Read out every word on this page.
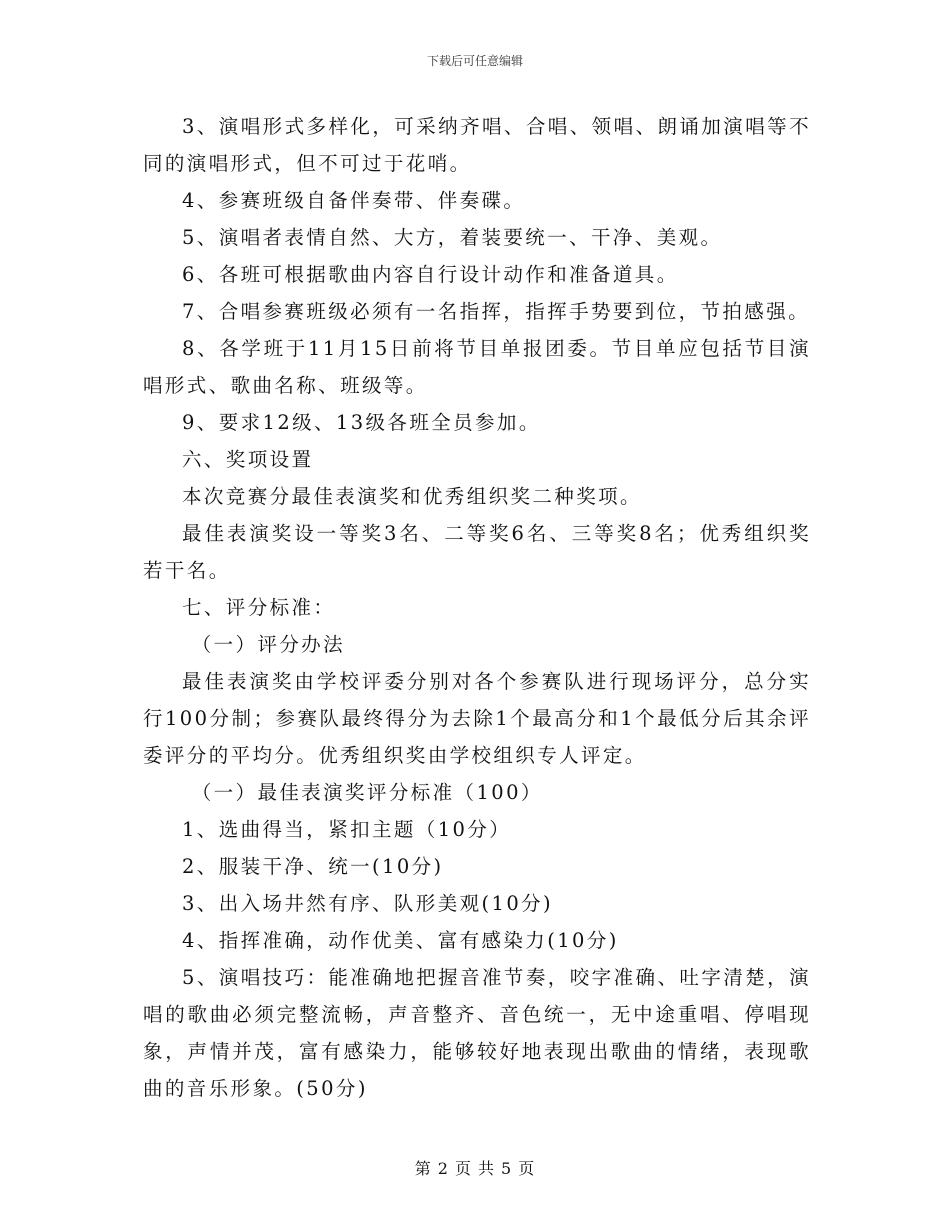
下载后可任意编辑

3、演唱形式多样化，可采纳齐唱、合唱、领唱、朗诵加演唱等不同的演唱形式，但不可过于花哨。

4、参赛班级自备伴奏带、伴奏碟。

5、演唱者表情自然、大方，着装要统一、干净、美观。

6、各班可根据歌曲内容自行设计动作和准备道具。

7、合唱参赛班级必须有一名指挥，指挥手势要到位，节拍感强。

8、各学班于11月15日前将节目单报团委。节目单应包括节目演唱形式、歌曲名称、班级等。

9、要求12级、13级各班全员参加。

六、奖项设置

本次竞赛分最佳表演奖和优秀组织奖二种奖项。

最佳表演奖设一等奖3名、二等奖6名、三等奖8名；优秀组织奖若干名。

七、评分标准：

（一）评分办法

最佳表演奖由学校评委分别对各个参赛队进行现场评分，总分实行100分制；参赛队最终得分为去除1个最高分和1个最低分后其余评委评分的平均分。优秀组织奖由学校组织专人评定。

（一）最佳表演奖评分标准（100）

1、选曲得当，紧扣主题（10分）

2、服装干净、统一(10分)

3、出入场井然有序、队形美观(10分)

4、指挥准确，动作优美、富有感染力(10分)

5、演唱技巧：能准确地把握音准节奏，咬字准确、吐字清楚，演唱的歌曲必须完整流畅，声音整齐、音色统一，无中途重唱、停唱现象，声情并茂，富有感染力，能够较好地表现出歌曲的情绪，表现歌曲的音乐形象。(50分)

第 2 页 共 5 页
